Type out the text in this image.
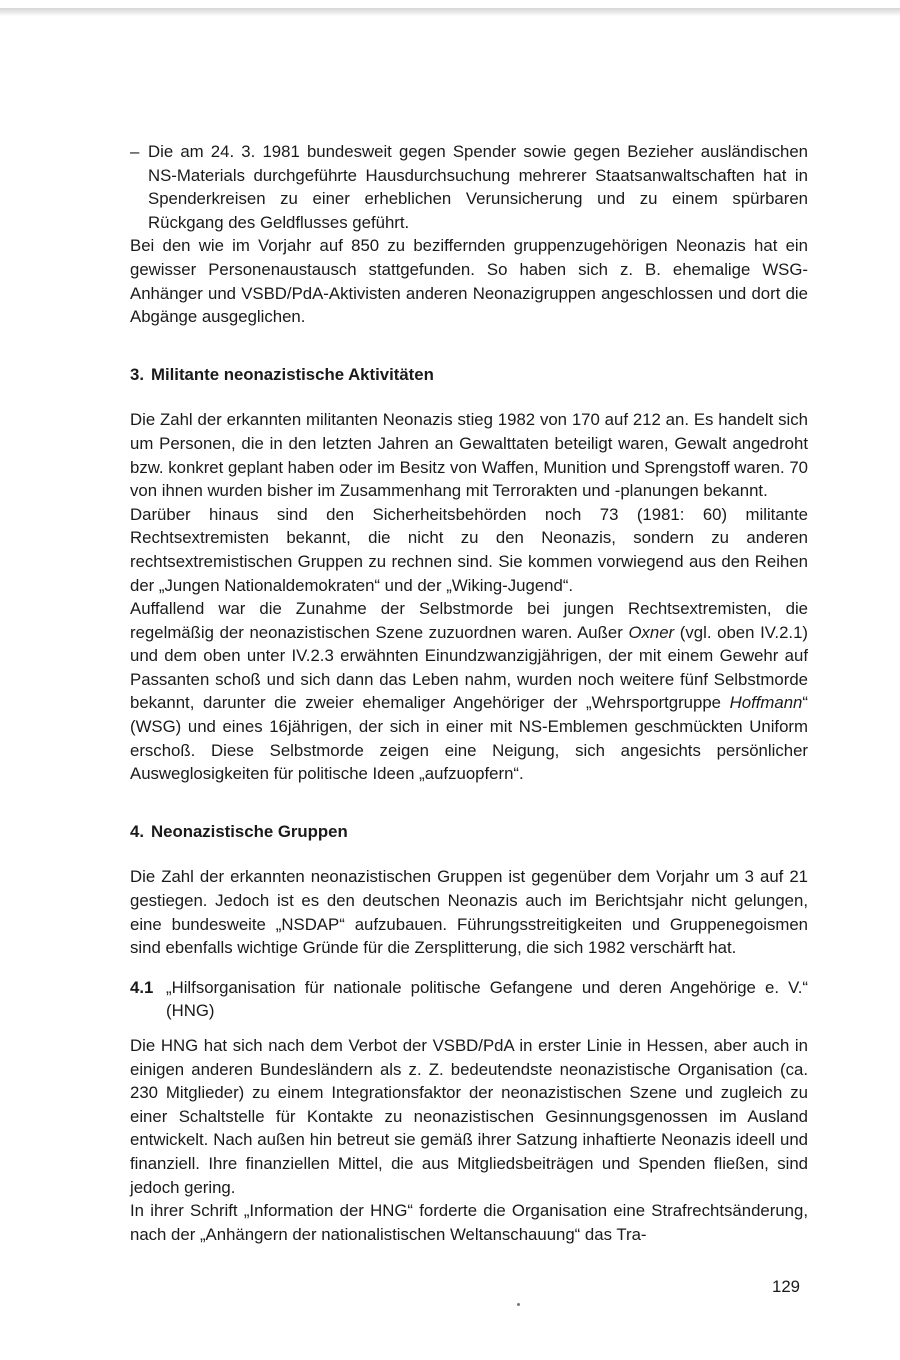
– Die am 24. 3. 1981 bundesweit gegen Spender sowie gegen Bezieher ausländischen NS-Materials durchgeführte Hausdurchsuchung mehrerer Staatsanwaltschaften hat in Spenderkreisen zu einer erheblichen Verunsicherung und zu einem spürbaren Rückgang des Geldflusses geführt.

Bei den wie im Vorjahr auf 850 zu beziffernden gruppenzugehörigen Neonazis hat ein gewisser Personenaustausch stattgefunden. So haben sich z. B. ehemalige WSG-Anhänger und VSBD/PdA-Aktivisten anderen Neonazigruppen angeschlossen und dort die Abgänge ausgeglichen.

3. Militante neonazistische Aktivitäten

Die Zahl der erkannten militanten Neonazis stieg 1982 von 170 auf 212 an. Es handelt sich um Personen, die in den letzten Jahren an Gewalttaten beteiligt waren, Gewalt angedroht bzw. konkret geplant haben oder im Besitz von Waffen, Munition und Sprengstoff waren. 70 von ihnen wurden bisher im Zusammenhang mit Terrorakten und -planungen bekannt.

Darüber hinaus sind den Sicherheitsbehörden noch 73 (1981: 60) militante Rechtsextremisten bekannt, die nicht zu den Neonazis, sondern zu anderen rechtsextremistischen Gruppen zu rechnen sind. Sie kommen vorwiegend aus den Reihen der „Jungen Nationaldemokraten“ und der „Wiking-Jugend“.

Auffallend war die Zunahme der Selbstmorde bei jungen Rechtsextremisten, die regelmäßig der neonazistischen Szene zuzuordnen waren. Außer Oxner (vgl. oben IV.2.1) und dem oben unter IV.2.3 erwähnten Einundzwanzigjährigen, der mit einem Gewehr auf Passanten schoß und sich dann das Leben nahm, wurden noch weitere fünf Selbstmorde bekannt, darunter die zweier ehemaliger Angehöriger der „Wehrsportgruppe Hoffmann“ (WSG) und eines 16jährigen, der sich in einer mit NS-Emblemen geschmückten Uniform erschoß. Diese Selbstmorde zeigen eine Neigung, sich angesichts persönlicher Ausweglosigkeiten für politische Ideen „aufzuopfern“.

4. Neonazistische Gruppen

Die Zahl der erkannten neonazistischen Gruppen ist gegenüber dem Vorjahr um 3 auf 21 gestiegen. Jedoch ist es den deutschen Neonazis auch im Berichtsjahr nicht gelungen, eine bundesweite „NSDAP“ aufzubauen. Führungsstreitigkeiten und Gruppenegoismen sind ebenfalls wichtige Gründe für die Zersplitterung, die sich 1982 verschärft hat.

4.1 „Hilfsorganisation für nationale politische Gefangene und deren Angehörige e. V.“ (HNG)

Die HNG hat sich nach dem Verbot der VSBD/PdA in erster Linie in Hessen, aber auch in einigen anderen Bundesländern als z. Z. bedeutendste neonazistische Organisation (ca. 230 Mitglieder) zu einem Integrationsfaktor der neonazistischen Szene und zugleich zu einer Schaltstelle für Kontakte zu neonazistischen Gesinnungsgenossen im Ausland entwickelt. Nach außen hin betreut sie gemäß ihrer Satzung inhaftierte Neonazis ideell und finanziell. Ihre finanziellen Mittel, die aus Mitgliedsbeiträgen und Spenden fließen, sind jedoch gering.

In ihrer Schrift „Information der HNG“ forderte die Organisation eine Strafrechtsänderung, nach der „Anhängern der nationalistischen Weltanschauung“ das Tra-

129
